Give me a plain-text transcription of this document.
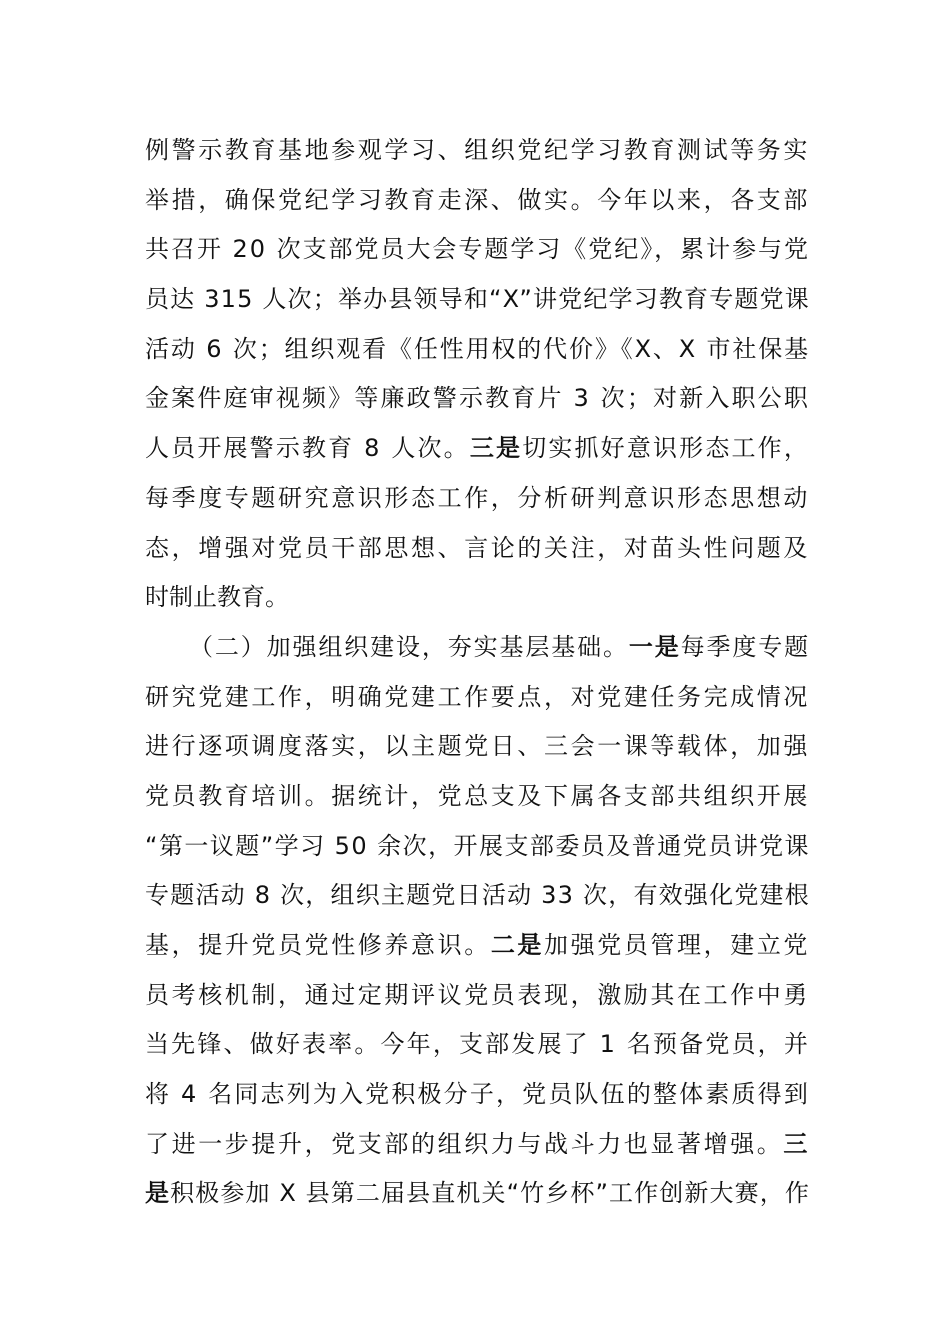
例警示教育基地参观学习、组织党纪学习教育测试等务实
举措，确保党纪学习教育走深、做实。今年以来，各支部
共召开 20 次支部党员大会专题学习《党纪》，累计参与党
员达 315 人次；举办县领导和“X”讲党纪学习教育专题党课
活动 6 次；组织观看《任性用权的代价》《X、X 市社保基
金案件庭审视频》等廉政警示教育片 3 次；对新入职公职
人员开展警示教育 8 人次。三是切实抓好意识形态工作，
每季度专题研究意识形态工作，分析研判意识形态思想动
态，增强对党员干部思想、言论的关注，对苗头性问题及
时制止教育。
（二）加强组织建设，夯实基层基础。一是每季度专题
研究党建工作，明确党建工作要点，对党建任务完成情况
进行逐项调度落实，以主题党日、三会一课等载体，加强
党员教育培训。据统计，党总支及下属各支部共组织开展
“第一议题”学习 50 余次，开展支部委员及普通党员讲党课
专题活动 8 次，组织主题党日活动 33 次，有效强化党建根
基，提升党员党性修养意识。二是加强党员管理，建立党
员考核机制，通过定期评议党员表现，激励其在工作中勇
当先锋、做好表率。今年，支部发展了 1 名预备党员，并
将 4 名同志列为入党积极分子，党员队伍的整体素质得到
了进一步提升，党支部的组织力与战斗力也显著增强。三
是积极参加 X 县第二届县直机关“竹乡杯”工作创新大赛，作
